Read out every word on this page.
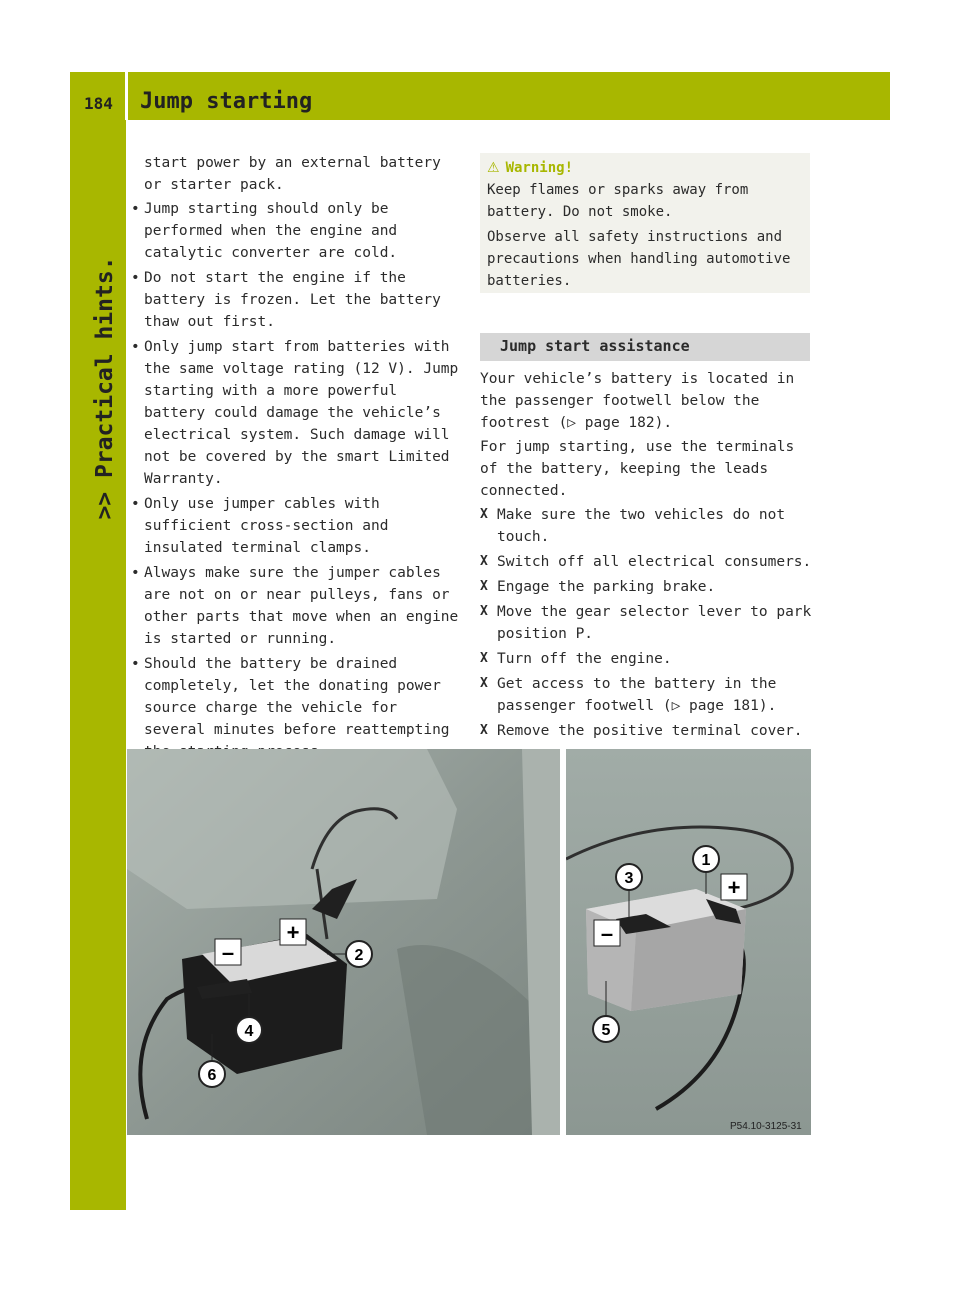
184 Jump starting
>> Practical hints.

start power by an external battery or starter pack.

• Jump starting should only be performed when the engine and catalytic converter are cold.
• Do not start the engine if the battery is frozen. Let the battery thaw out first.
• Only jump start from batteries with the same voltage rating (12 V). Jump starting with a more powerful battery could damage the vehicle’s electrical system. Such damage will not be covered by the smart Limited Warranty.
• Only use jumper cables with sufficient cross-section and insulated terminal clamps.
• Always make sure the jumper cables are not on or near pulleys, fans or other parts that move when an engine is started or running.
• Should the battery be drained completely, let the donating power source charge the vehicle for several minutes before reattempting
⚠ Warning!
Keep flames or sparks away from battery. Do not smoke.
Observe all safety instructions and precautions when handling automotive batteries.
Jump start assistance

Your vehicle’s battery is located in the passenger footwell below the footrest (▷ page 182).

For jump starting, use the terminals of the battery, keeping the leads connected.

X Make sure the two vehicles do not touch.
X Switch off all electrical consumers.
X Engage the parking brake.
X Move the gear selector lever to park position P.
X Turn off the engine.
X Get access to the battery in the passenger footwell (▷ page 181).
X Remove the positive terminal cover.
+
–	2
4
6
+
–
1
3
5
P54.10-3125-31
